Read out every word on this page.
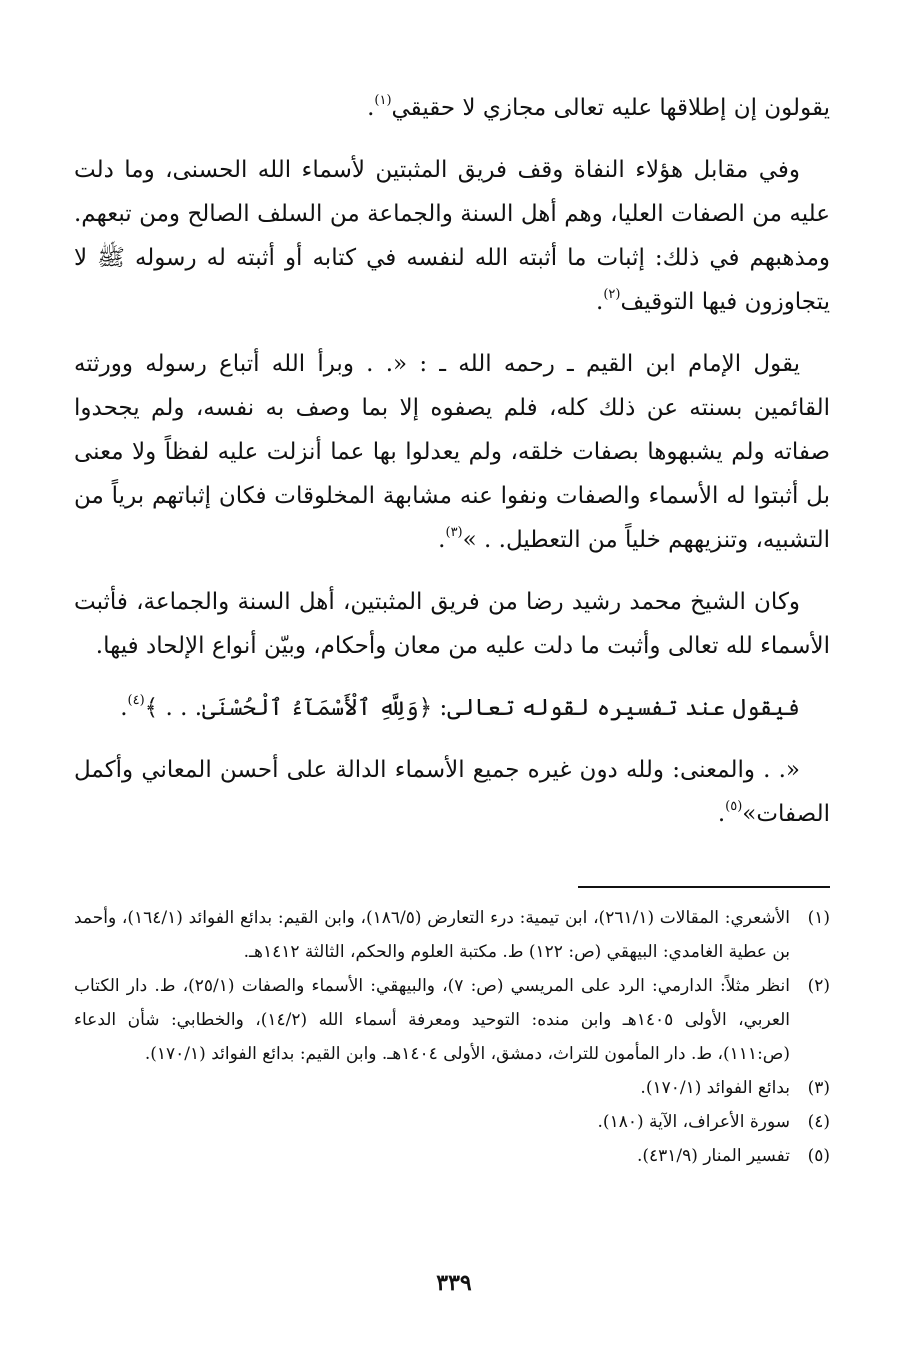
يقولون إن إطلاقها عليه تعالى مجازي لا حقيقي$^{(١)}$.

وفي مقابل هؤلاء النفاة وقف فريق المثبتين لأسماء الله الحسنى، وما دلت عليه من الصفات العليا، وهم أهل السنة والجماعة من السلف الصالح ومن تبعهم. ومذهبهم في ذلك: إثبات ما أثبته الله لنفسه في كتابه أو أثبته له رسوله ﷺ لا يتجاوزون فيها التوقيف$^{(٢)}$.

يقول الإمام ابن القيم ـ رحمه الله ـ : «. . وبرأ الله أتباع رسوله وورثته القائمين بسنته عن ذلك كله، فلم يصفوه إلا بما وصف به نفسه، ولم يجحدوا صفاته ولم يشبهوها بصفات خلقه، ولم يعدلوا بها عما أنزلت عليه لفظاً ولا معنى بل أثبتوا له الأسماء والصفات ونفوا عنه مشابهة المخلوقات فكان إثباتهم برياً من التشبيه، وتنزيههم خلياً من التعطيل. . »$^{(٣)}$.

وكان الشيخ محمد رشيد رضا من فريق المثبتين، أهل السنة والجماعة، فأثبت الأسماء لله تعالى وأثبت ما دلت عليه من معان وأحكام، وبيّن أنواع الإلحاد فيها.

فيقول عند تفسيره لقوله تعالى: ﴿وَلِلَّهِ ٱلْأَسْمَآءُ ٱلْحُسْنَىٰ. . . ﴾$^{(٤)}$.

«. . والمعنى: ولله دون غيره جميع الأسماء الدالة على أحسن المعاني وأكمل الصفات»$^{(٥)}$.

(١)
الأشعري: المقالات (٢٦١/١)، ابن تيمية: درء التعارض (١٨٦/٥)، وابن القيم: بدائع الفوائد (١٦٤/١)، وأحمد بن عطية الغامدي: البيهقي (ص: ١٢٢) ط. مكتبة العلوم والحكم، الثالثة ١٤١٢هـ.
(٢)
انظر مثلاً: الدارمي: الرد على المريسي (ص: ٧)، والبيهقي: الأسماء والصفات (٢٥/١)، ط. دار الكتاب العربي، الأولى ١٤٠٥هـ وابن منده: التوحيد ومعرفة أسماء الله (١٤/٢)، والخطابي: شأن الدعاء (ص:١١١)، ط. دار المأمون للتراث، دمشق، الأولى ١٤٠٤هـ. وابن القيم: بدائع الفوائد (١٧٠/١).
(٣)
بدائع الفوائد (١٧٠/١).
(٤)
سورة الأعراف، الآية (١٨٠).
(٥)
تفسير المنار (٤٣١/٩).
٣٣٩
